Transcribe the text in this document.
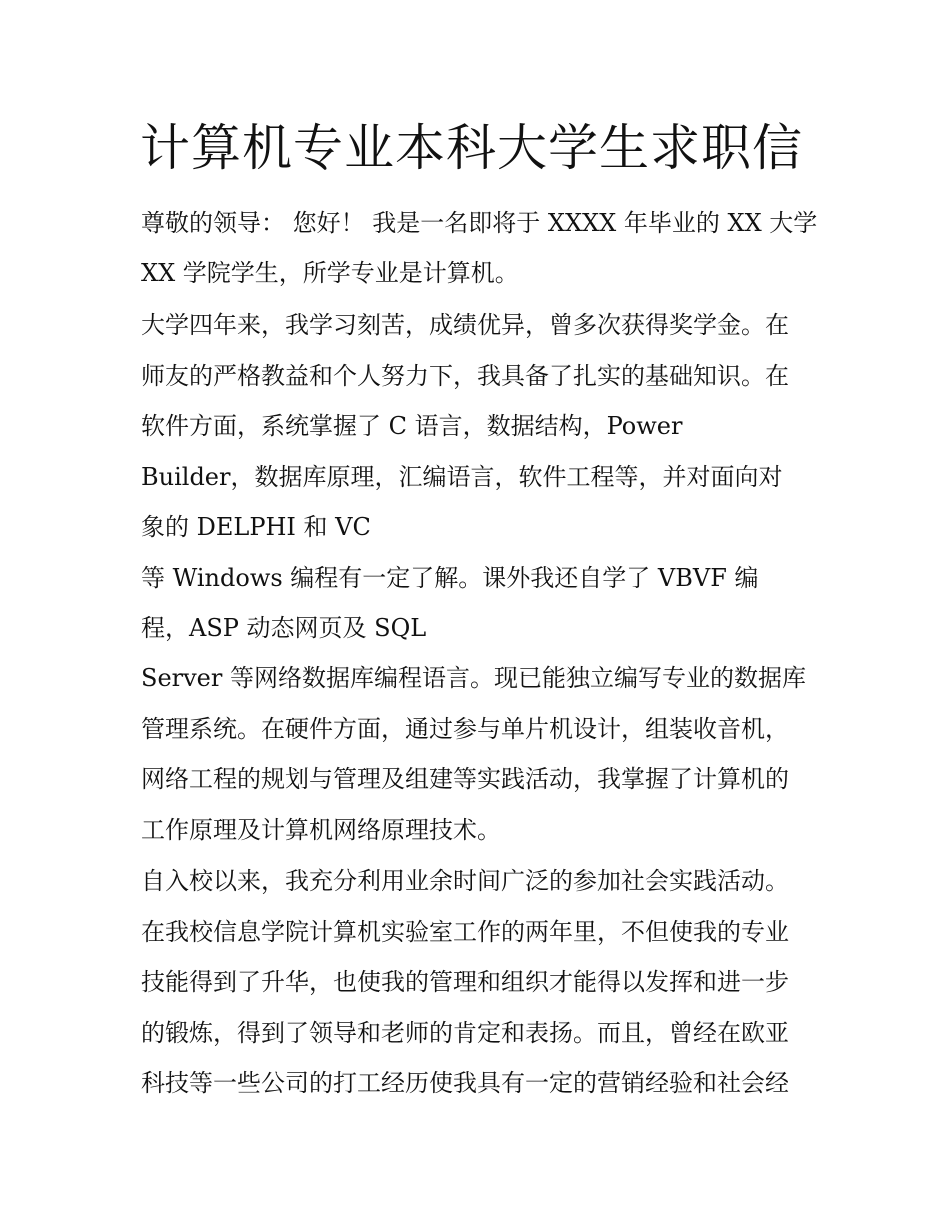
计算机专业本科大学生求职信

尊敬的领导： 您好！ 我是一名即将于 XXXX 年毕业的 XX 大学

XX 学院学生，所学专业是计算机。

大学四年来，我学习刻苦，成绩优异，曾多次获得奖学金。在

师友的严格教益和个人努力下，我具备了扎实的基础知识。在

软件方面，系统掌握了 C 语言，数据结构，Power

Builder，数据库原理，汇编语言，软件工程等，并对面向对

象的 DELPHI 和 VC

等 Windows 编程有一定了解。课外我还自学了 VBVF 编

程，ASP 动态网页及 SQL

Server 等网络数据库编程语言。现已能独立编写专业的数据库

管理系统。在硬件方面，通过参与单片机设计，组装收音机，

网络工程的规划与管理及组建等实践活动，我掌握了计算机的

工作原理及计算机网络原理技术。

自入校以来，我充分利用业余时间广泛的参加社会实践活动。

在我校信息学院计算机实验室工作的两年里，不但使我的专业

技能得到了升华，也使我的管理和组织才能得以发挥和进一步

的锻炼，得到了领导和老师的肯定和表扬。而且，曾经在欧亚

科技等一些公司的打工经历使我具有一定的营销经验和社会经
